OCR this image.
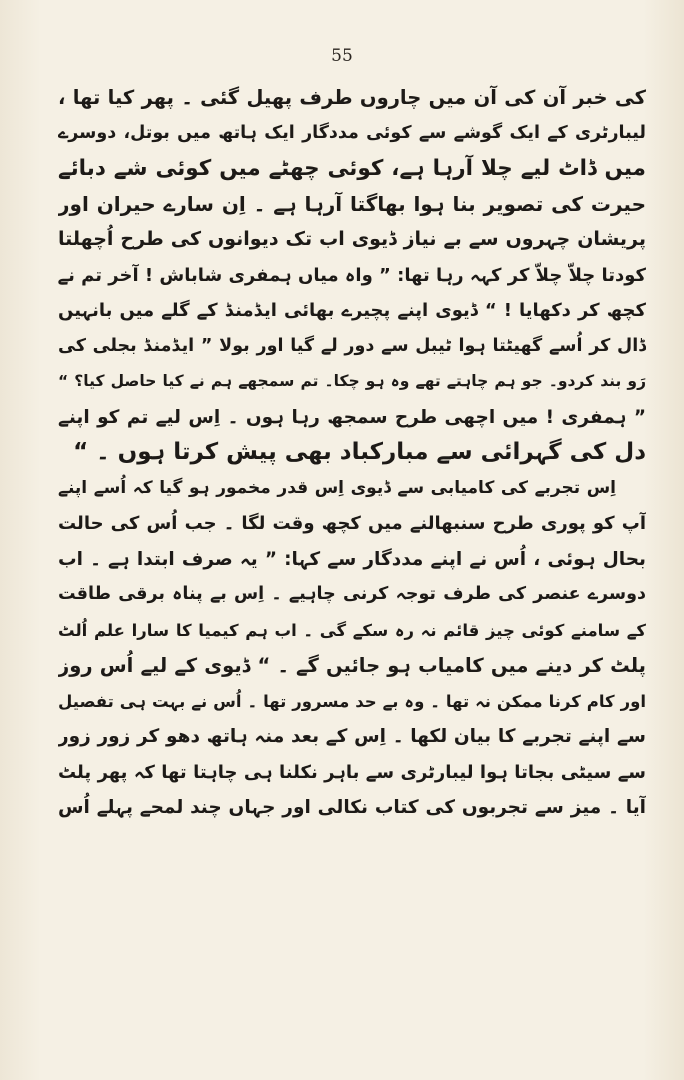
55
کی خبر آن کی آن میں چاروں طرف پھیل گئی ۔ پھر کیا تھا ،
لیبارٹری کے ایک گوشے سے کوئی مددگار ایک ہاتھ میں بوتل، دوسرے
میں ڈاٹ لیے چلا آرہا ہے، کوئی چھٹے میں کوئی شے دبائے
حیرت کی تصویر بنا ہوا بھاگتا آرہا ہے ۔ اِن سارے حیران اور
پریشان چہروں سے بے نیاز ڈیوی اب تک دیوانوں کی طرح اُچھلتا
کودتا چلاّ چلاّ کر کہہ رہا تھا: ” واہ میاں ہمفری شاباش ! آخر تم نے
کچھ کر دکھایا ! “ ڈیوی اپنے پچیرے بھائی ایڈمنڈ کے گلے میں بانہیں
ڈال کر اُسے گھیٹتا ہوا ٹیبل سے دور لے گیا اور بولا ” ایڈمنڈ بجلی کی
رَو بند کردو۔ جو ہم چاہتے تھے وہ ہو چکا۔ تم سمجھے ہم نے کیا حاصل کیا؟ “
” ہمفری ! میں اچھی طرح سمجھ رہا ہوں ۔ اِس لیے تم کو اپنے
دل کی گہرائی سے مبارکباد بھی پیش کرتا ہوں ۔ “
اِس تجربے کی کامیابی سے ڈیوی اِس قدر مخمور ہو گیا کہ اُسے اپنے
آپ کو پوری طرح سنبھالنے میں کچھ وقت لگا ۔ جب اُس کی حالت
بحال ہوئی ، اُس نے اپنے مددگار سے کہا: ” یہ صرف ابتدا ہے ۔ اب
دوسرے عنصر کی طرف توجہ کرنی چاہیے ۔ اِس بے پناہ برقی طاقت
کے سامنے کوئی چیز قائم نہ رہ سکے گی ۔ اب ہم کیمیا کا سارا علم اُلٹ
پلٹ کر دینے میں کامیاب ہو جائیں گے ۔ “ ڈیوی کے لیے اُس روز
اور کام کرنا ممکن نہ تھا ۔ وہ بے حد مسرور تھا ۔ اُس نے بہت ہی تفصیل
سے اپنے تجربے کا بیان لکھا ۔ اِس کے بعد منہ ہاتھ دھو کر زور زور
سے سیٹی بجاتا ہوا لیبارٹری سے باہر نکلنا ہی چاہتا تھا کہ پھر پلٹ
آیا ۔ میز سے تجربوں کی کتاب نکالی اور جہاں چند لمحے پہلے اُس
